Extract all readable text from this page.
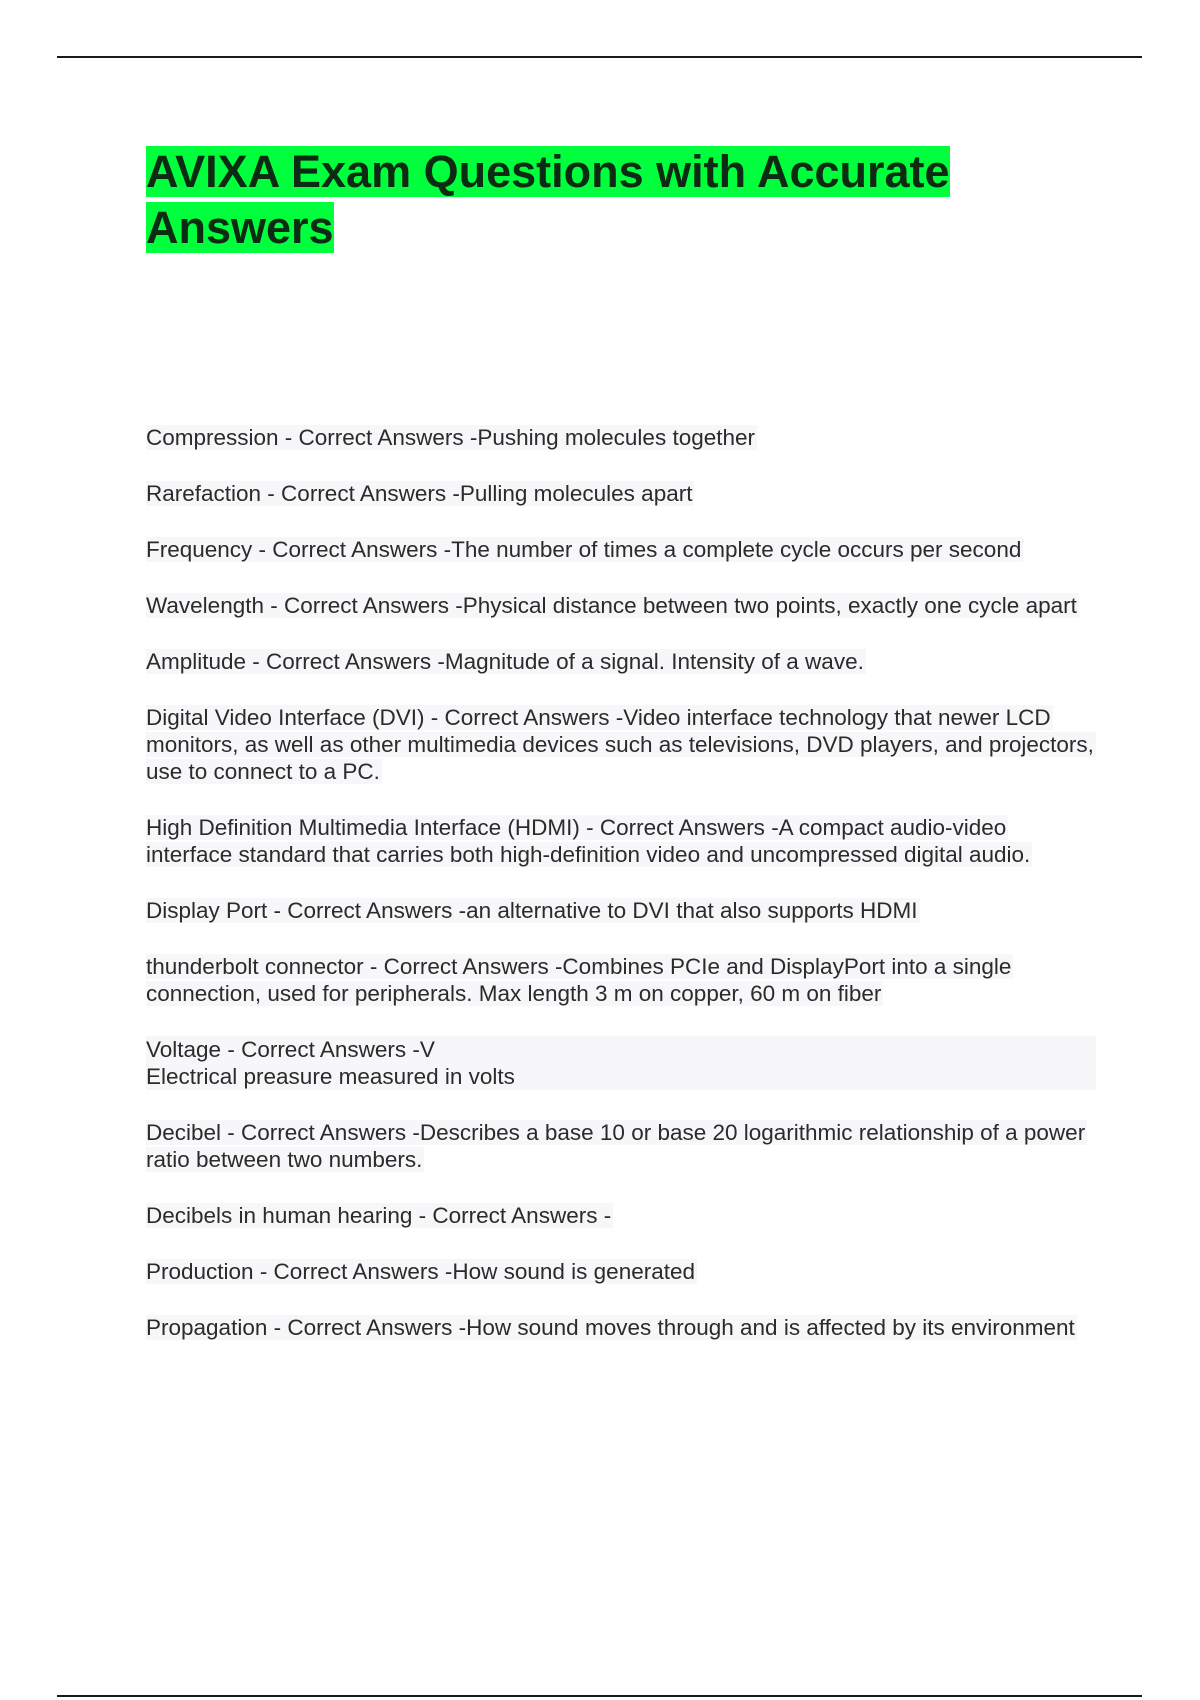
AVIXA Exam Questions with Accurate Answers

Compression - Correct Answers -Pushing molecules together

Rarefaction - Correct Answers -Pulling molecules apart

Frequency - Correct Answers -The number of times a complete cycle occurs per second

Wavelength - Correct Answers -Physical distance between two points, exactly one cycle apart

Amplitude - Correct Answers -Magnitude of a signal. Intensity of a wave.

Digital Video Interface (DVI) - Correct Answers -Video interface technology that newer LCD monitors, as well as other multimedia devices such as televisions, DVD players, and projectors, use to connect to a PC.

High Definition Multimedia Interface (HDMI) - Correct Answers -A compact audio-video interface standard that carries both high-definition video and uncompressed digital audio.

Display Port - Correct Answers -an alternative to DVI that also supports HDMI

thunderbolt connector - Correct Answers -Combines PCIe and DisplayPort into a single connection, used for peripherals. Max length 3 m on copper, 60 m on fiber

Voltage - Correct Answers -V
Electrical preasure measured in volts

Decibel - Correct Answers -Describes a base 10 or base 20 logarithmic relationship of a power ratio between two numbers.

Decibels in human hearing - Correct Answers -

Production - Correct Answers -How sound is generated

Propagation - Correct Answers -How sound moves through and is affected by its environment
